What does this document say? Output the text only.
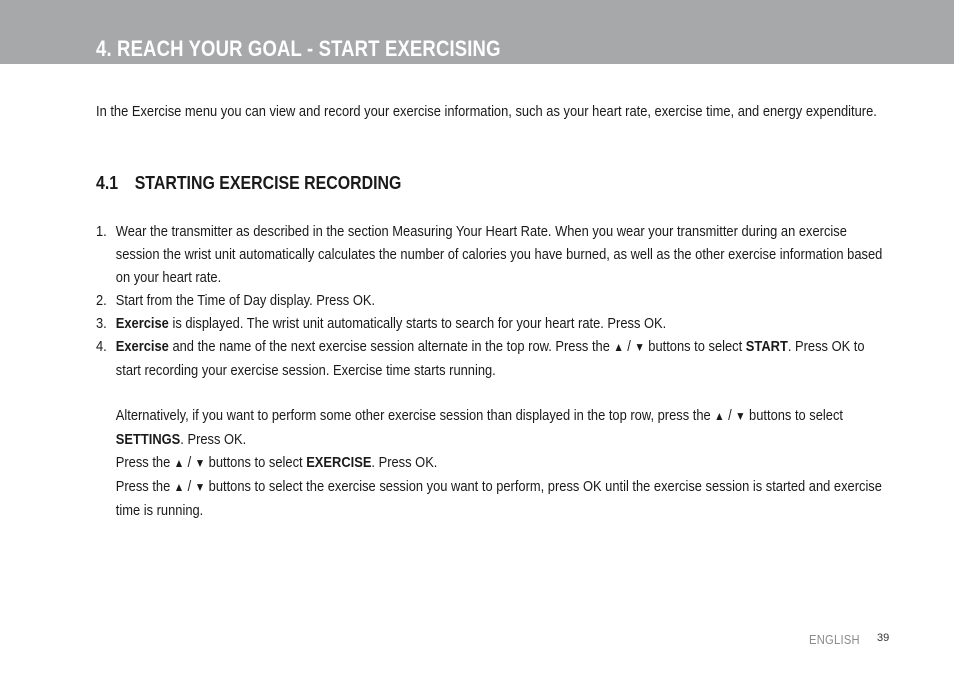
4. REACH YOUR GOAL - START EXERCISING

In the Exercise menu you can view and record your exercise information, such as your heart rate, exercise time, and energy expenditure.

4.1 STARTING EXERCISE RECORDING
1. Wear the transmitter as described in the section Measuring Your Heart Rate. When you wear your transmitter during an exercise session the wrist unit automatically calculates the number of calories you have burned, as well as the other exercise information based on your heart rate.

2. Start from the Time of Day display. Press OK.

3. Exercise is displayed. The wrist unit automatically starts to search for your heart rate. Press OK.

4. Exercise and the name of the next exercise session alternate in the top row. Press the ▲ / ▼ buttons to select START. Press OK to start recording your exercise session. Exercise time starts running.

Alternatively, if you want to perform some other exercise session than displayed in the top row, press the ▲ / ▼ buttons to select SETTINGS. Press OK.

Press the ▲ / ▼ buttons to select EXERCISE. Press OK.

Press the ▲ / ▼ buttons to select the exercise session you want to perform, press OK until the exercise session is started and exercise time is running.

ENGLISH 39
